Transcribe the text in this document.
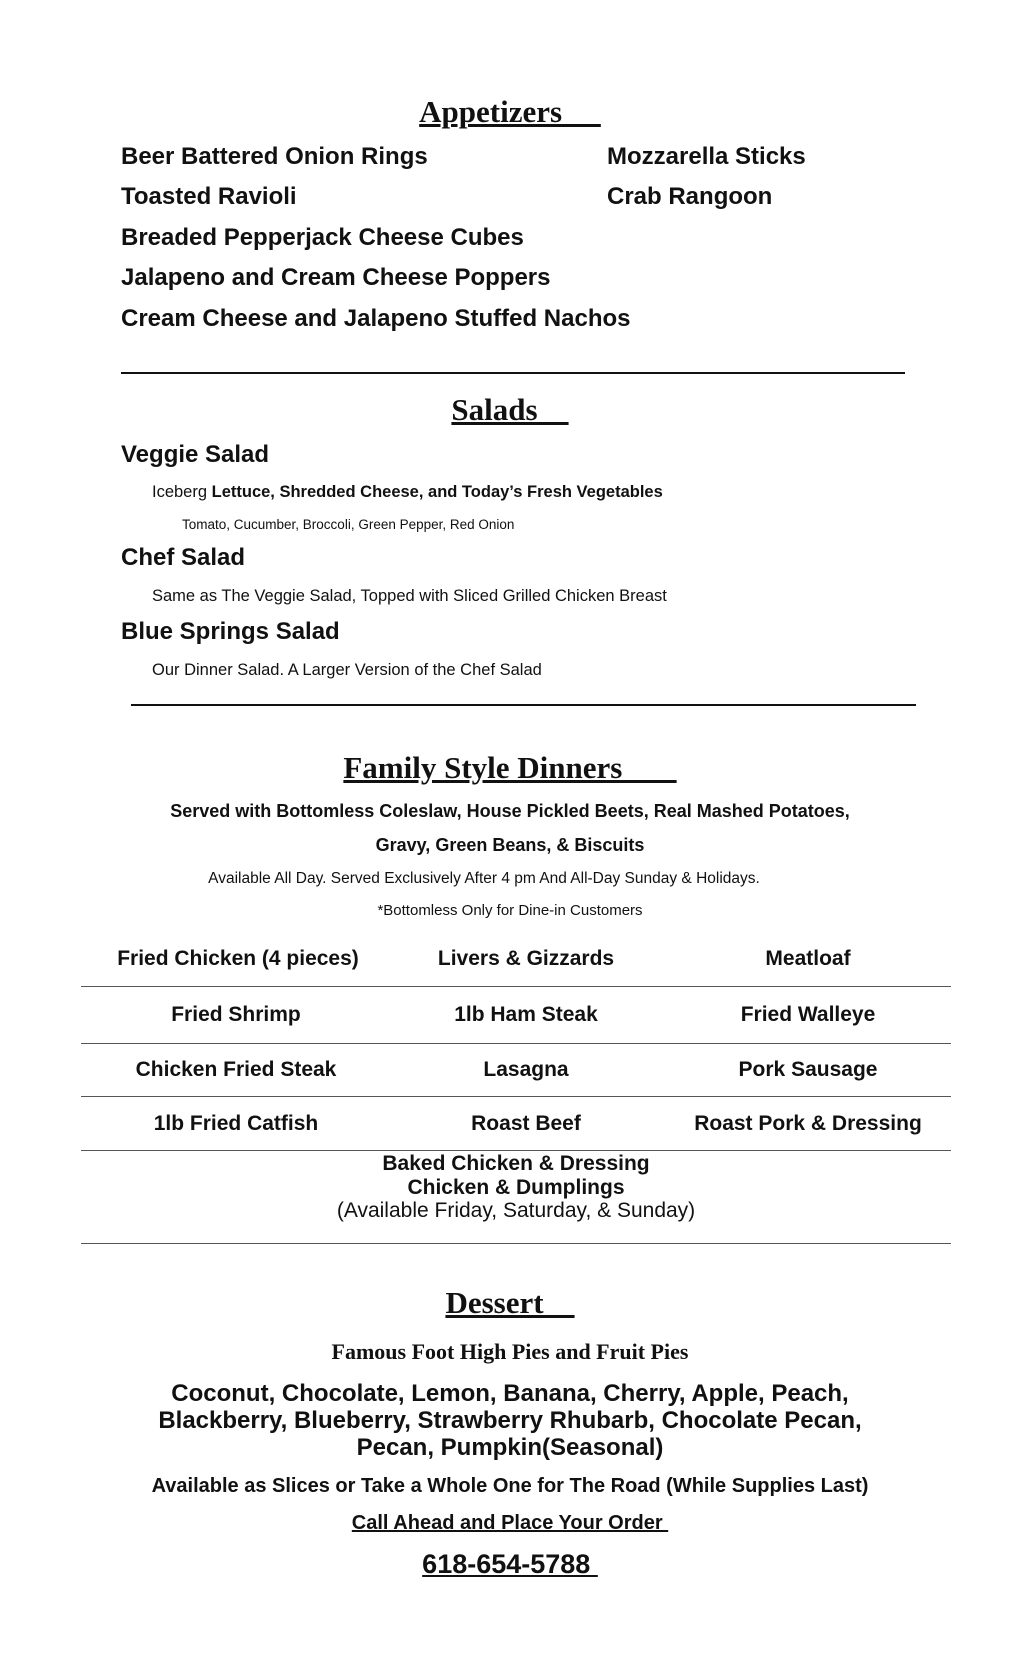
Appetizers
Beer Battered Onion Rings
Toasted Ravioli
Breaded Pepperjack Cheese Cubes
Jalapeno and Cream Cheese Poppers
Cream Cheese and Jalapeno Stuffed Nachos
Mozzarella Sticks
Crab Rangoon
Salads
Veggie Salad
Iceberg Lettuce, Shredded Cheese, and Today’s Fresh Vegetables
Tomato, Cucumber, Broccoli, Green Pepper, Red Onion
Chef Salad
Same as The Veggie Salad, Topped with Sliced Grilled Chicken Breast
Blue Springs Salad
Our Dinner Salad. A Larger Version of the Chef Salad
Family Style Dinners
Served with Bottomless Coleslaw, House Pickled Beets, Real Mashed Potatoes,
Gravy, Green Beans, & Biscuits
Available All Day. Served Exclusively After 4 pm And All-Day Sunday & Holidays.
*Bottomless Only for Dine-in Customers
Fried Chicken (4 pieces)	Livers & Gizzards	Meatloaf
Fried Shrimp	1lb Ham Steak	Fried Walleye
Chicken Fried Steak	Lasagna	Pork Sausage
1lb Fried Catfish	Roast Beef	Roast Pork & Dressing
Baked Chicken & Dressing
Chicken & Dumplings
(Available Friday, Saturday, & Sunday)
Dessert
Famous Foot High Pies and Fruit Pies
Coconut, Chocolate, Lemon, Banana, Cherry, Apple, Peach,
Blackberry, Blueberry, Strawberry Rhubarb, Chocolate Pecan,
Pecan, Pumpkin(Seasonal)
Available as Slices or Take a Whole One for The Road (While Supplies Last)
Call Ahead and Place Your Order
618-654-5788
